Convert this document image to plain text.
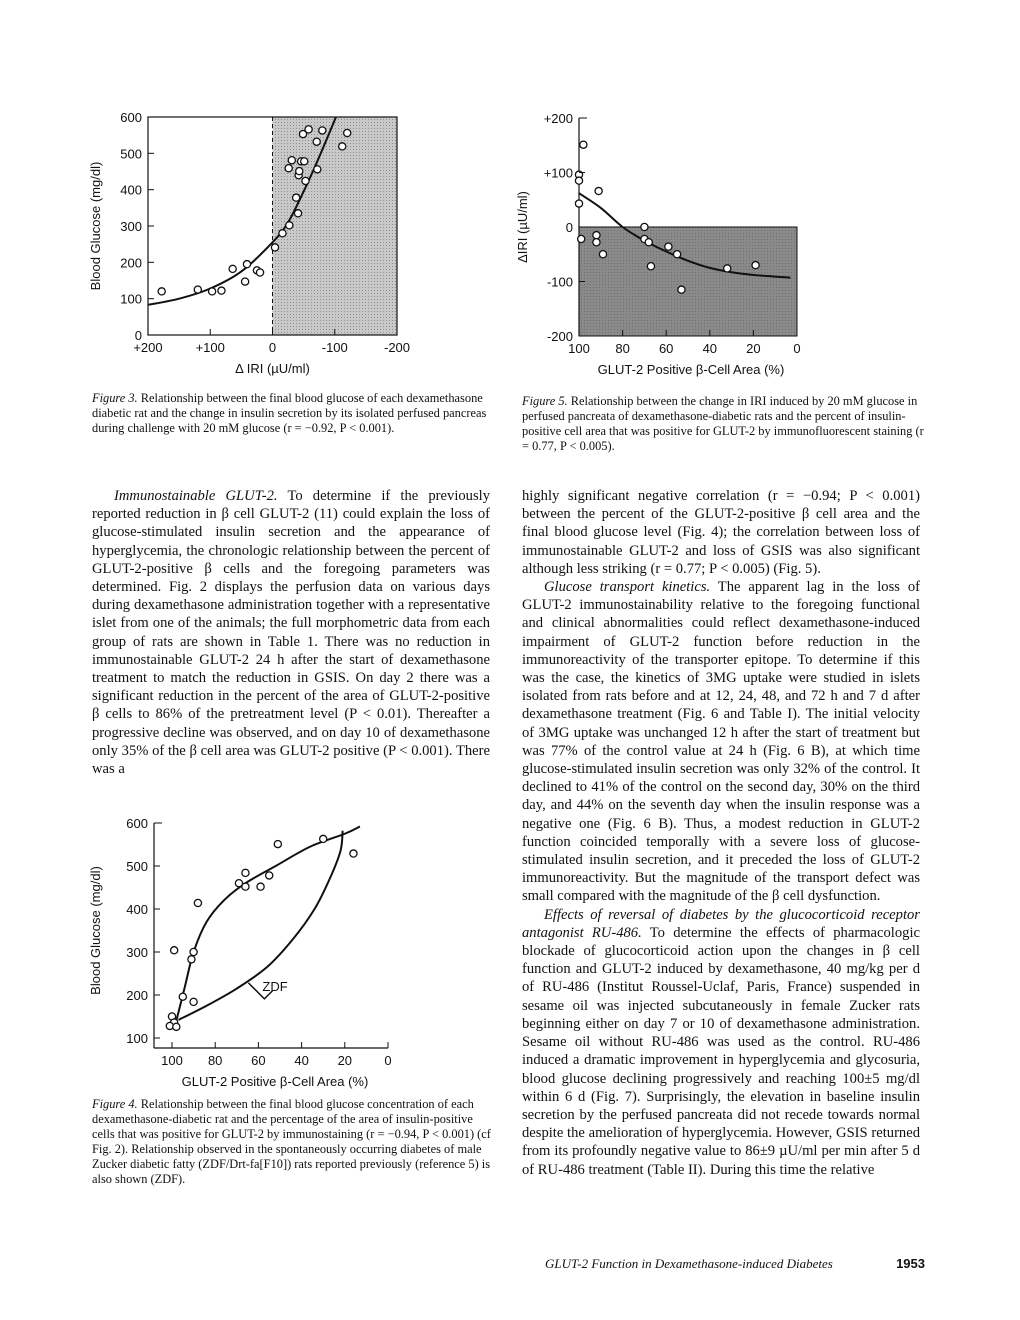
600
500
400
300
200
100
0
+200	+100	0	-100	-200
Δ IRI (µU/ml)
Blood Glucose (mg/dl)
+200
+100
0
-100
-200
100 80 60 40 20	0
GLUT-2 Positive β-Cell Area (%)
ΔIRI (µU/ml)
Figure 3. Relationship between the final blood glucose of each dexamethasone diabetic rat and the change in insulin secretion by its isolated perfused pancreas during challenge with 20 mM glucose (r = −0.92, P < 0.001).
Figure 5. Relationship between the change in IRI induced by 20 mM glucose in perfused pancreata of dexamethasone-diabetic rats and the percent of insulin-positive cell area that was positive for GLUT-2 by immunofluorescent staining (r = 0.77, P < 0.005).

Immunostainable GLUT-2. To determine if the previously reported reduction in β cell GLUT-2 (11) could explain the loss of glucose-stimulated insulin secretion and the appearance of hyperglycemia, the chronologic relationship between the percent of GLUT-2-positive β cells and the foregoing parameters was determined. Fig. 2 displays the perfusion data on various days during dexamethasone administration together with a representative islet from one of the animals; the full morphometric data from each group of rats are shown in Table 1. There was no reduction in immunostainable GLUT-2 24 h after the start of dexamethasone treatment to match the reduction in GSIS. On day 2 there was a significant reduction in the percent of the area of GLUT-2-positive β cells to 86% of the pretreatment level (P < 0.01). Thereafter a progressive decline was observed, and on day 10 of dexamethasone only 35% of the β cell area was GLUT-2 positive (P < 0.001). There was a

ZDF
600
500
400
300
200
100
100 80 60 40 20 0
GLUT-2 Positive β-Cell Area (%)
Blood Glucose (mg/dl)
Figure 4. Relationship between the final blood glucose concentration of each dexamethasone-diabetic rat and the percentage of the area of insulin-positive cells that was positive for GLUT-2 by immunostaining (r = −0.94, P < 0.001) (cf Fig. 2). Relationship observed in the spontaneously occurring diabetes of male Zucker diabetic fatty (ZDF/Drt-fa[F10]) rats reported previously (reference 5) is also shown (ZDF).

highly significant negative correlation (r = −0.94; P < 0.001) between the percent of the GLUT-2-positive β cell area and the final blood glucose level (Fig. 4); the correlation between loss of immunostainable GLUT-2 and loss of GSIS was also significant although less striking (r = 0.77; P < 0.005) (Fig. 5).

Glucose transport kinetics. The apparent lag in the loss of GLUT-2 immunostainability relative to the foregoing functional and clinical abnormalities could reflect dexamethasone-induced impairment of GLUT-2 function before reduction in the immunoreactivity of the transporter epitope. To determine if this was the case, the kinetics of 3MG uptake were studied in islets isolated from rats before and at 12, 24, 48, and 72 h and 7 d after dexamethasone treatment (Fig. 6 and Table I). The initial velocity of 3MG uptake was unchanged 12 h after the start of treatment but was 77% of the control value at 24 h (Fig. 6 B), at which time glucose-stimulated insulin secretion was only 32% of the control. It declined to 41% of the control on the second day, 30% on the third day, and 44% on the seventh day when the insulin response was a negative one (Fig. 6 B). Thus, a modest reduction in GLUT-2 function coincided temporally with a severe loss of glucose-stimulated insulin secretion, and it preceded the loss of GLUT-2 immunoreactivity. But the magnitude of the transport defect was small compared with the magnitude of the β cell dysfunction.

Effects of reversal of diabetes by the glucocorticoid receptor antagonist RU-486. To determine the effects of pharmacologic blockade of glucocorticoid action upon the changes in β cell function and GLUT-2 induced by dexamethasone, 40 mg/kg per d of RU-486 (Institut Roussel-Uclaf, Paris, France) suspended in sesame oil was injected subcutaneously in female Zucker rats beginning either on day 7 or 10 of dexamethasone administration. Sesame oil without RU-486 was used as the control. RU-486 induced a dramatic improvement in hyperglycemia and glycosuria, blood glucose declining progressively and reaching 100±5 mg/dl within 6 d (Fig. 7). Surprisingly, the elevation in baseline insulin secretion by the perfused pancreata did not recede towards normal despite the amelioration of hyperglycemia. However, GSIS returned from its profoundly negative value to 86±9 µU/ml per min after 5 d of RU-486 treatment (Table II). During this time the relative

GLUT-2 Function in Dexamethasone-induced Diabetes	1953
